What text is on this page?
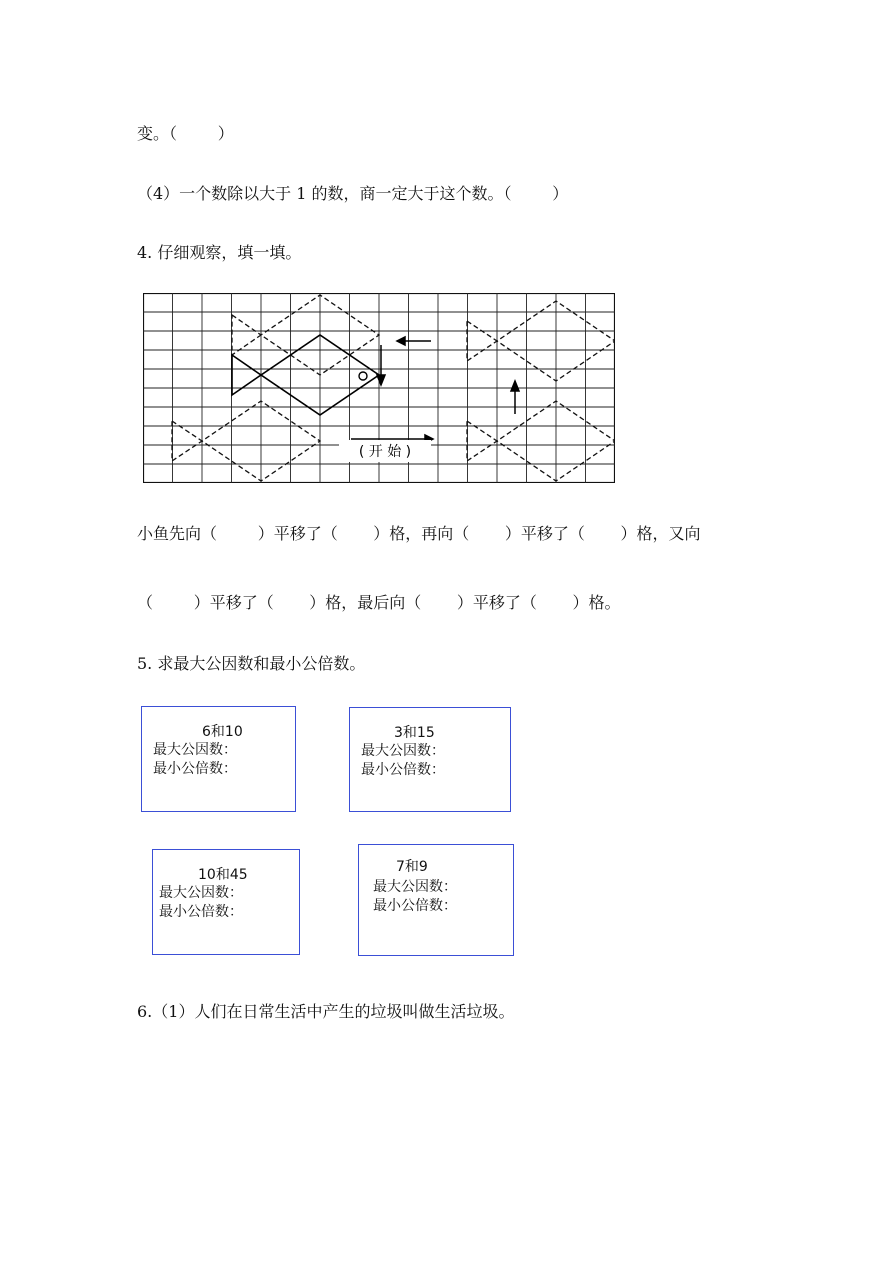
变。（        ）
（4）一个数除以大于 1 的数，商一定大于这个数。（        ）
4. 仔细观察，填一填。
( 开 始 )
小鱼先向（        ）平移了（       ）格，再向（       ）平移了（       ）格，又向
（        ）平移了（       ）格，最后向（       ）平移了（       ）格。
5. 求最大公因数和最小公倍数。
6和10
最大公因数：
最小公倍数：
3和15
最大公因数：
最小公倍数：
10和45
最大公因数：
最小公倍数：
7和9
最大公因数：
最小公倍数：
6.（1）人们在日常生活中产生的垃圾叫做生活垃圾。
